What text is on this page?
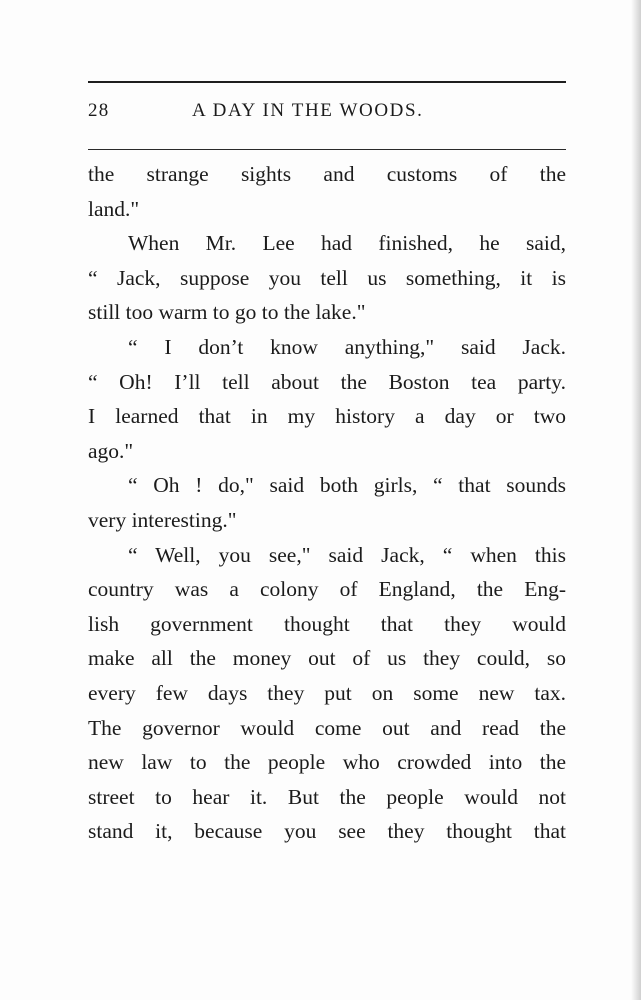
28	A DAY IN THE WOODS.
the strange sights and customs of the
land."
When Mr. Lee had finished, he said,
“ Jack, suppose you tell us something, it is
still too warm to go to the lake."
“ I don’t know anything," said Jack.
“ Oh! I’ll tell about the Boston tea party.
I learned that in my history a day or two
ago."
“ Oh ! do," said both girls, “ that sounds
very interesting."
“ Well, you see," said Jack, “ when this
country was a colony of England, the Eng-
lish government thought that they would
make all the money out of us they could, so
every few days they put on some new tax.
The governor would come out and read the
new law to the people who crowded into the
street to hear it. But the people would not
stand it, because you see they thought that
